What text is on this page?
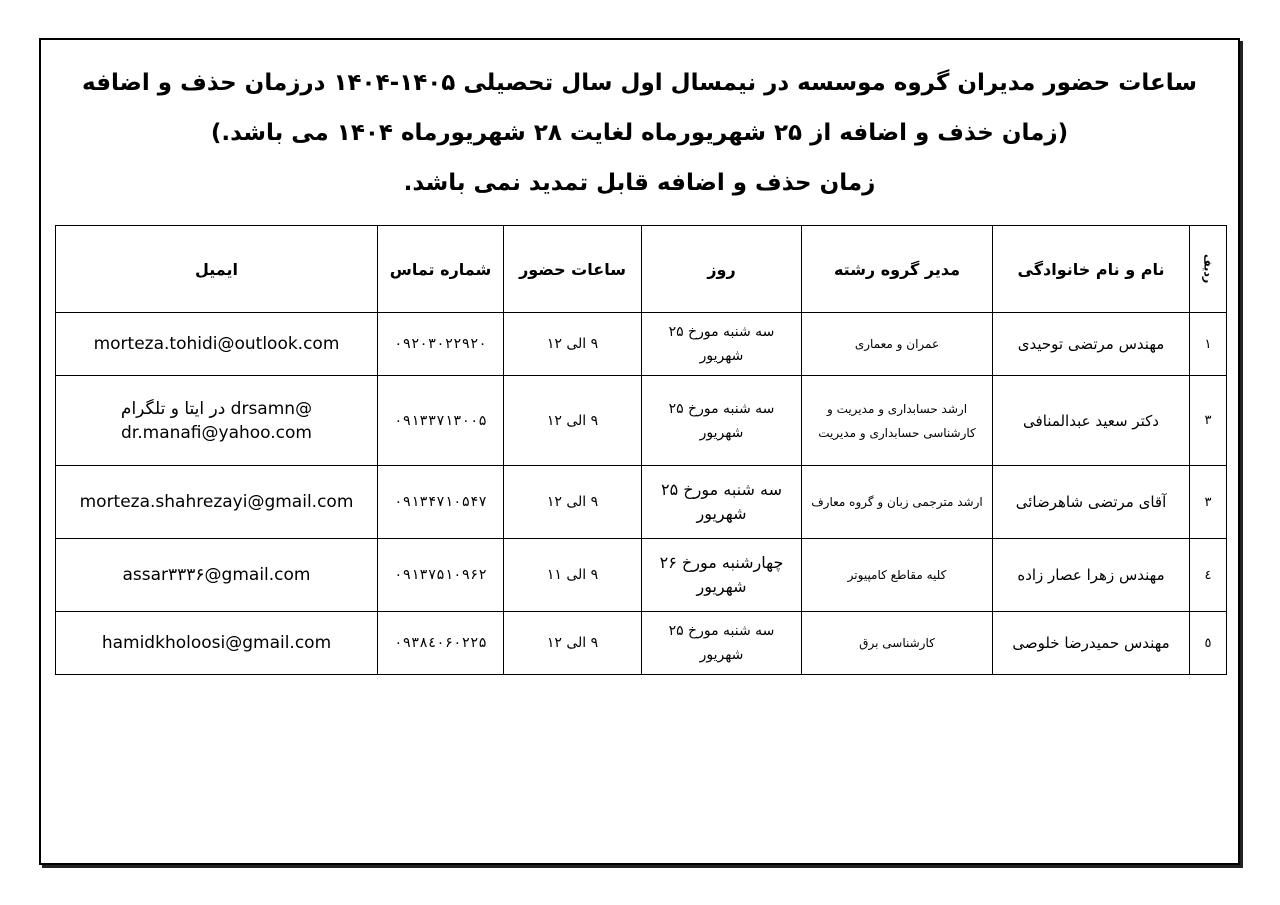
ساعات حضور مدیران گروه موسسه در نیمسال اول سال تحصیلی ۱۴۰۵-۱۴۰۴ درزمان حذف و اضافه
(زمان خذف و اضافه از ۲۵ شهریورماه لغایت ۲۸ شهریورماه ۱۴۰۴ می باشد.)
زمان حذف و اضافه قابل تمدید نمی باشد.
ردیف	نام و نام خانوادگی	مدیر گروه رشته	روز	ساعات حضور	شماره تماس	ایمیل
۱	مهندس مرتضی توحیدی	عمران و معماری	سه شنبه مورخ ۲۵ شهریور	۹ الی ۱۲	۰۹۲۰۳۰۲۲۹۲۰	morteza.tohidi@outlook.com

۳	دکتر سعید عبدالمنافی	ارشد حسابداری و مدیریت و کارشناسی حسابداری و مدیریت	سه شنبه مورخ ۲۵ شهریور	۹ الی ۱۲	۰۹۱۳۳۷۱۳۰۰۵	@drsamn در ایتا و تلگرام
dr.manafi@yahoo.com

۳	آقای مرتضی شاهرضائی	ارشد مترجمی زبان و گروه معارف	سه شنبه مورخ ۲۵ شهریور	۹ الی ۱۲	۰۹۱۳۴۷۱۰۵۴۷	morteza.shahrezayi@gmail.com

٤	مهندس زهرا عصار زاده	کلیه مقاطع کامپیوتر	چهارشنبه مورخ ۲۶ شهریور	۹ الی ۱۱	۰۹۱۳۷۵۱۰۹۶۲	assar۳۳۳۶@gmail.com

٥	مهندس حمیدرضا خلوصی	کارشناسی برق	سه شنبه مورخ ۲۵ شهریور	۹ الی ۱۲	۰۹۳۸٤۰۶۰۲۲۵	hamidkholoosi@gmail.com
